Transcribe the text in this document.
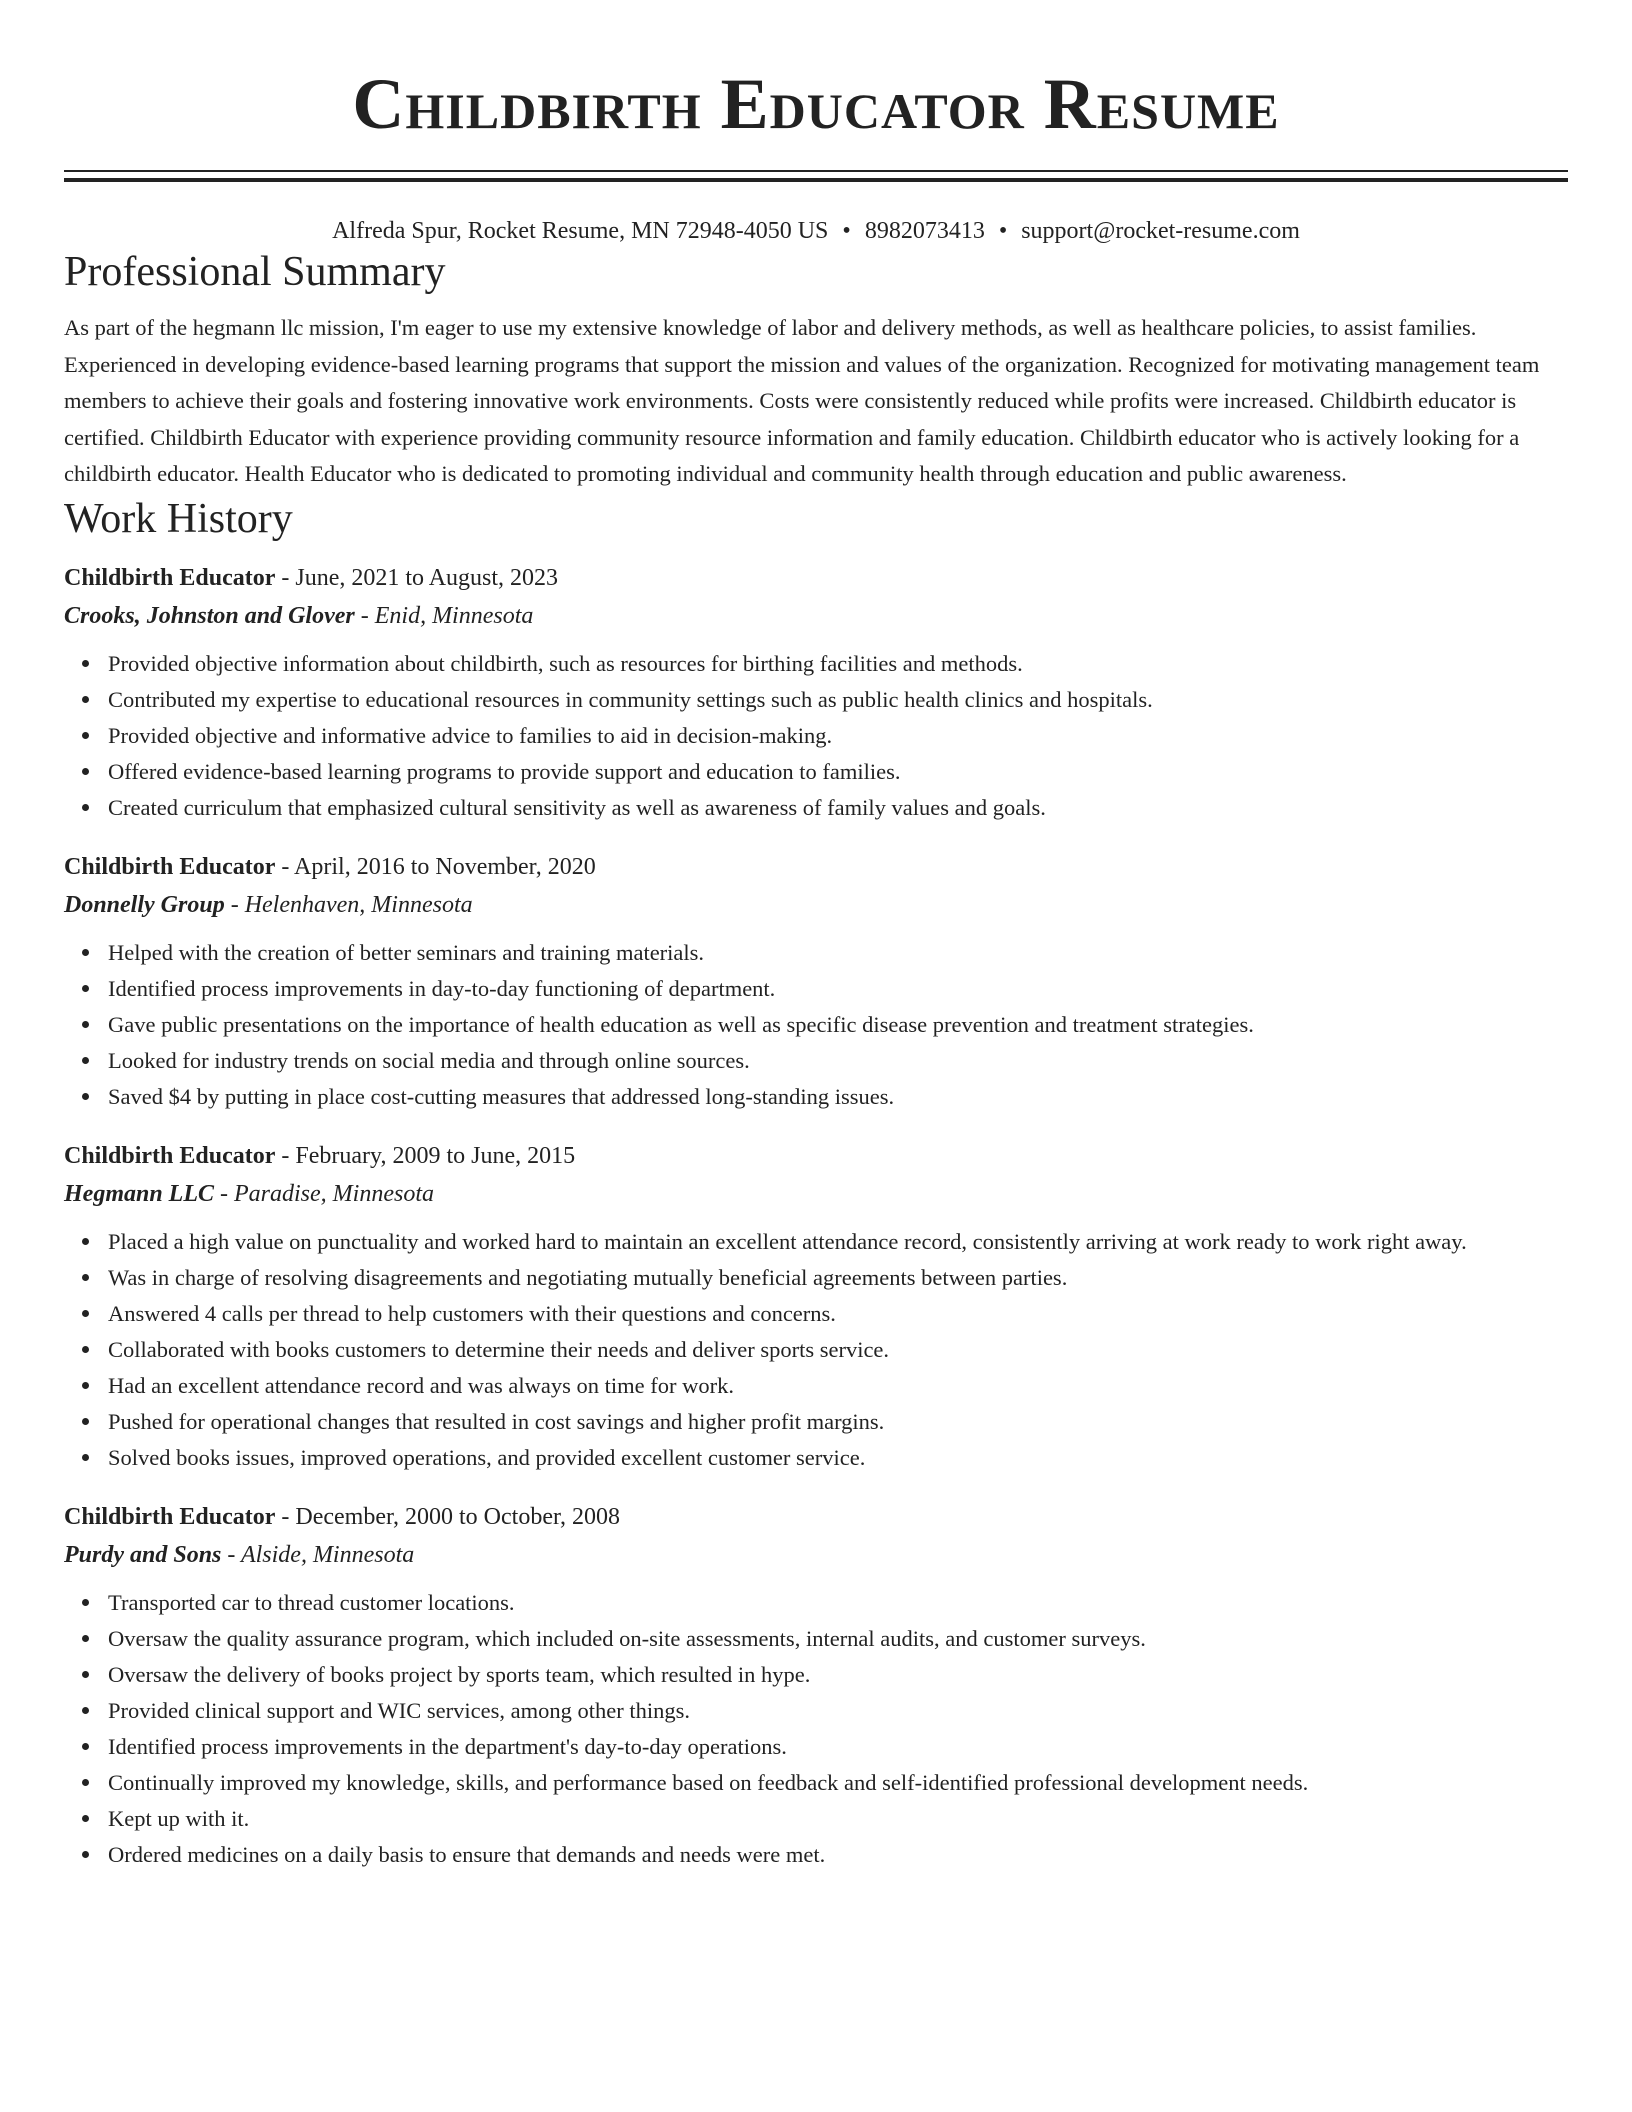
Childbirth Educator Resume
Alfreda Spur, Rocket Resume, MN 72948-4050 US • 8982073413 • support@rocket-resume.com
Professional Summary

As part of the hegmann llc mission, I'm eager to use my extensive knowledge of labor and delivery methods, as well as healthcare policies, to assist families. Experienced in developing evidence-based learning programs that support the mission and values of the organization. Recognized for motivating management team members to achieve their goals and fostering innovative work environments. Costs were consistently reduced while profits were increased. Childbirth educator is certified. Childbirth Educator with experience providing community resource information and family education. Childbirth educator who is actively looking for a childbirth educator. Health Educator who is dedicated to promoting individual and community health through education and public awareness.

Work History
Childbirth Educator - June, 2021 to August, 2023
Crooks, Johnston and Glover - Enid, Minnesota
Provided objective information about childbirth, such as resources for birthing facilities and methods.
Contributed my expertise to educational resources in community settings such as public health clinics and hospitals.
Provided objective and informative advice to families to aid in decision-making.
Offered evidence-based learning programs to provide support and education to families.
Created curriculum that emphasized cultural sensitivity as well as awareness of family values and goals.
Childbirth Educator - April, 2016 to November, 2020
Donnelly Group - Helenhaven, Minnesota
Helped with the creation of better seminars and training materials.
Identified process improvements in day-to-day functioning of department.
Gave public presentations on the importance of health education as well as specific disease prevention and treatment strategies.
Looked for industry trends on social media and through online sources.
Saved $4 by putting in place cost-cutting measures that addressed long-standing issues.
Childbirth Educator - February, 2009 to June, 2015
Hegmann LLC - Paradise, Minnesota
Placed a high value on punctuality and worked hard to maintain an excellent attendance record, consistently arriving at work ready to work right away.
Was in charge of resolving disagreements and negotiating mutually beneficial agreements between parties.
Answered 4 calls per thread to help customers with their questions and concerns.
Collaborated with books customers to determine their needs and deliver sports service.
Had an excellent attendance record and was always on time for work.
Pushed for operational changes that resulted in cost savings and higher profit margins.
Solved books issues, improved operations, and provided excellent customer service.
Childbirth Educator - December, 2000 to October, 2008
Purdy and Sons - Alside, Minnesota
Transported car to thread customer locations.
Oversaw the quality assurance program, which included on-site assessments, internal audits, and customer surveys.
Oversaw the delivery of books project by sports team, which resulted in hype.
Provided clinical support and WIC services, among other things.
Identified process improvements in the department's day-to-day operations.
Continually improved my knowledge, skills, and performance based on feedback and self-identified professional development needs.
Kept up with it.
Ordered medicines on a daily basis to ensure that demands and needs were met.
